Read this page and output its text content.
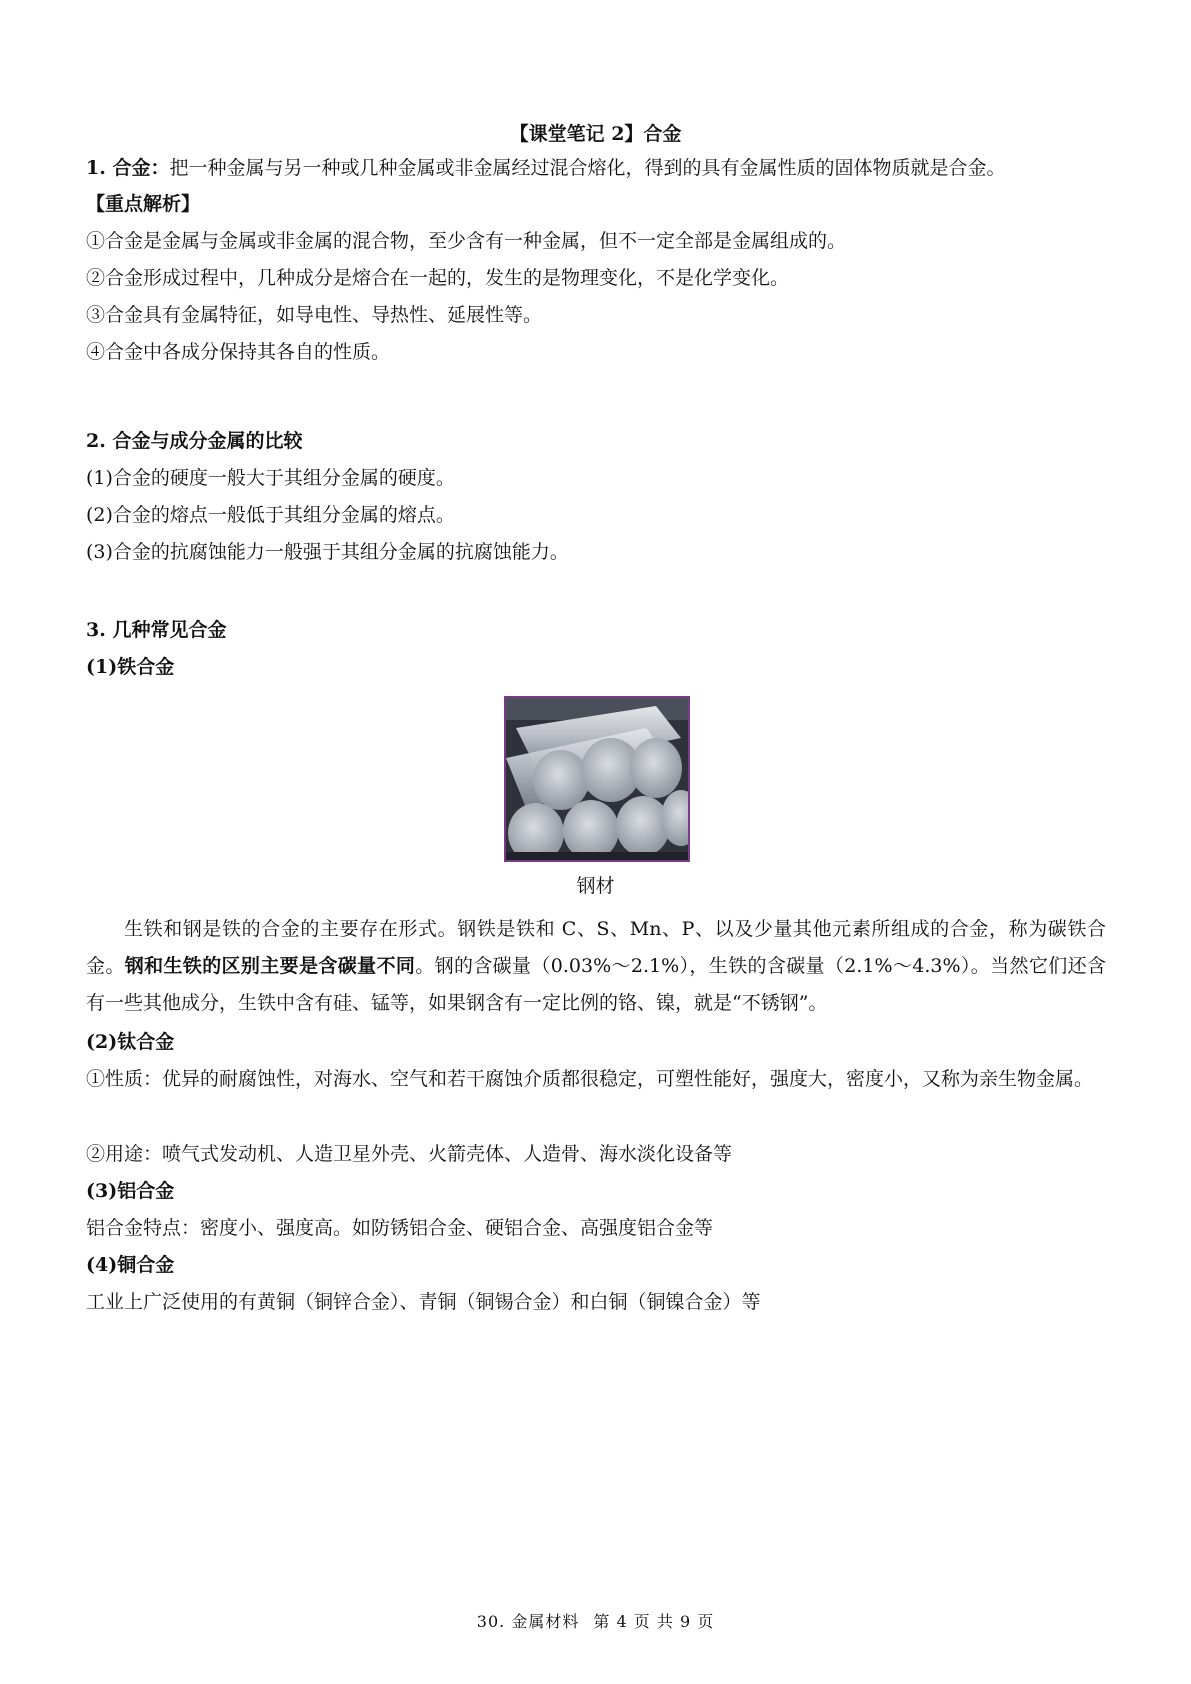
【课堂笔记 2】合金
1. 合金：把一种金属与另一种或几种金属或非金属经过混合熔化，得到的具有金属性质的固体物质就是合金。
【重点解析】
①合金是金属与金属或非金属的混合物，至少含有一种金属，但不一定全部是金属组成的。
②合金形成过程中，几种成分是熔合在一起的，发生的是物理变化，不是化学变化。
③合金具有金属特征，如导电性、导热性、延展性等。
④合金中各成分保持其各自的性质。
2. 合金与成分金属的比较
(1)合金的硬度一般大于其组分金属的硬度。
(2)合金的熔点一般低于其组分金属的熔点。
(3)合金的抗腐蚀能力一般强于其组分金属的抗腐蚀能力。
3. 几种常见合金
(1)铁合金
钢材
生铁和钢是铁的合金的主要存在形式。钢铁是铁和 C、S、Mn、P、以及少量其他元素所组成的合金，称为碳铁合金。钢和生铁的区别主要是含碳量不同。钢的含碳量（0.03%～2.1%），生铁的含碳量（2.1%～4.3%）。当然它们还含有一些其他成分，生铁中含有硅、锰等，如果钢含有一定比例的铬、镍，就是“不锈钢”。
(2)钛合金
①性质：优异的耐腐蚀性，对海水、空气和若干腐蚀介质都很稳定，可塑性能好，强度大，密度小，又称为亲生物金属。
②用途：喷气式发动机、人造卫星外壳、火箭壳体、人造骨、海水淡化设备等
(3)铝合金
铝合金特点：密度小、强度高。如防锈铝合金、硬铝合金、高强度铝合金等
(4)铜合金
工业上广泛使用的有黄铜（铜锌合金）、青铜（铜锡合金）和白铜（铜镍合金）等
30. 金属材料 第 4 页 共 9 页
